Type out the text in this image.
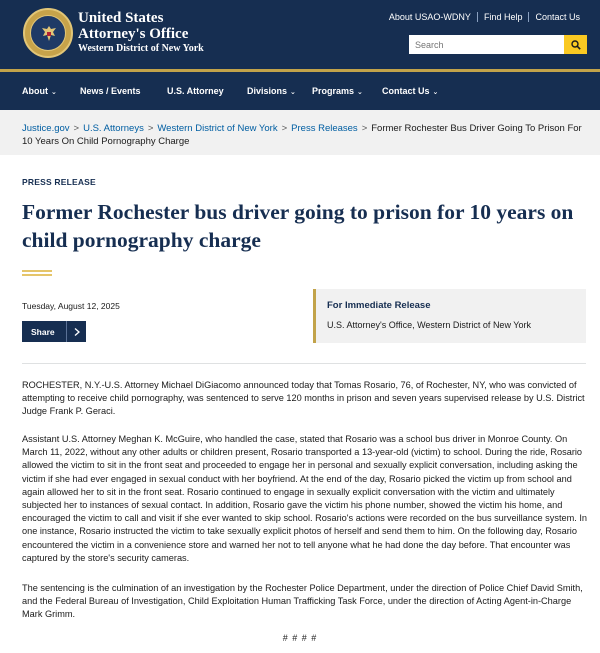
United States
Attorney's Office
Western District of New York
About USAO-WDNY	Find Help	Contact Us
Search
About ⌄	News / Events	U.S. Attorney	Divisions ⌄ Programs ⌄ Contact Us ⌄
Justice.gov > U.S. Attorneys > Western District of New York > Press Releases > Former Rochester Bus Driver Going To Prison For 10 Years On Child Pornography Charge
PRESS RELEASE
Former Rochester bus driver going to prison for 10 years on child pornography charge
Tuesday, August 12, 2025
Share
For Immediate Release
U.S. Attorney's Office, Western District of New York

ROCHESTER, N.Y.-U.S. Attorney Michael DiGiacomo announced today that Tomas Rosario, 76, of Rochester, NY, who was convicted of attempting to receive child pornography, was sentenced to serve 120 months in prison and seven years supervised release by U.S. District Judge Frank P. Geraci.

Assistant U.S. Attorney Meghan K. McGuire, who handled the case, stated that Rosario was a school bus driver in Monroe County. On March 11, 2022, without any other adults or children present, Rosario transported a 13-year-old (victim) to school. During the ride, Rosario allowed the victim to sit in the front seat and proceeded to engage her in personal and sexually explicit conversation, including asking the victim if she had ever engaged in sexual conduct with her boyfriend. At the end of the day, Rosario picked the victim up from school and again allowed her to sit in the front seat. Rosario continued to engage in sexually explicit conversation with the victim and ultimately subjected her to instances of sexual contact. In addition, Rosario gave the victim his phone number, showed the victim his home, and encouraged the victim to call and visit if she ever wanted to skip school. Rosario's actions were recorded on the bus surveillance system. In one instance, Rosario instructed the victim to take sexually explicit photos of herself and send them to him. On the following day, Rosario encountered the victim in a convenience store and warned her not to tell anyone what he had done the day before. That encounter was captured by the store's security cameras.

The sentencing is the culmination of an investigation by the Rochester Police Department, under the direction of Police Chief David Smith, and the Federal Bureau of Investigation, Child Exploitation Human Trafficking Task Force, under the direction of Acting Agent-in-Charge Mark Grimm.

# # # #
